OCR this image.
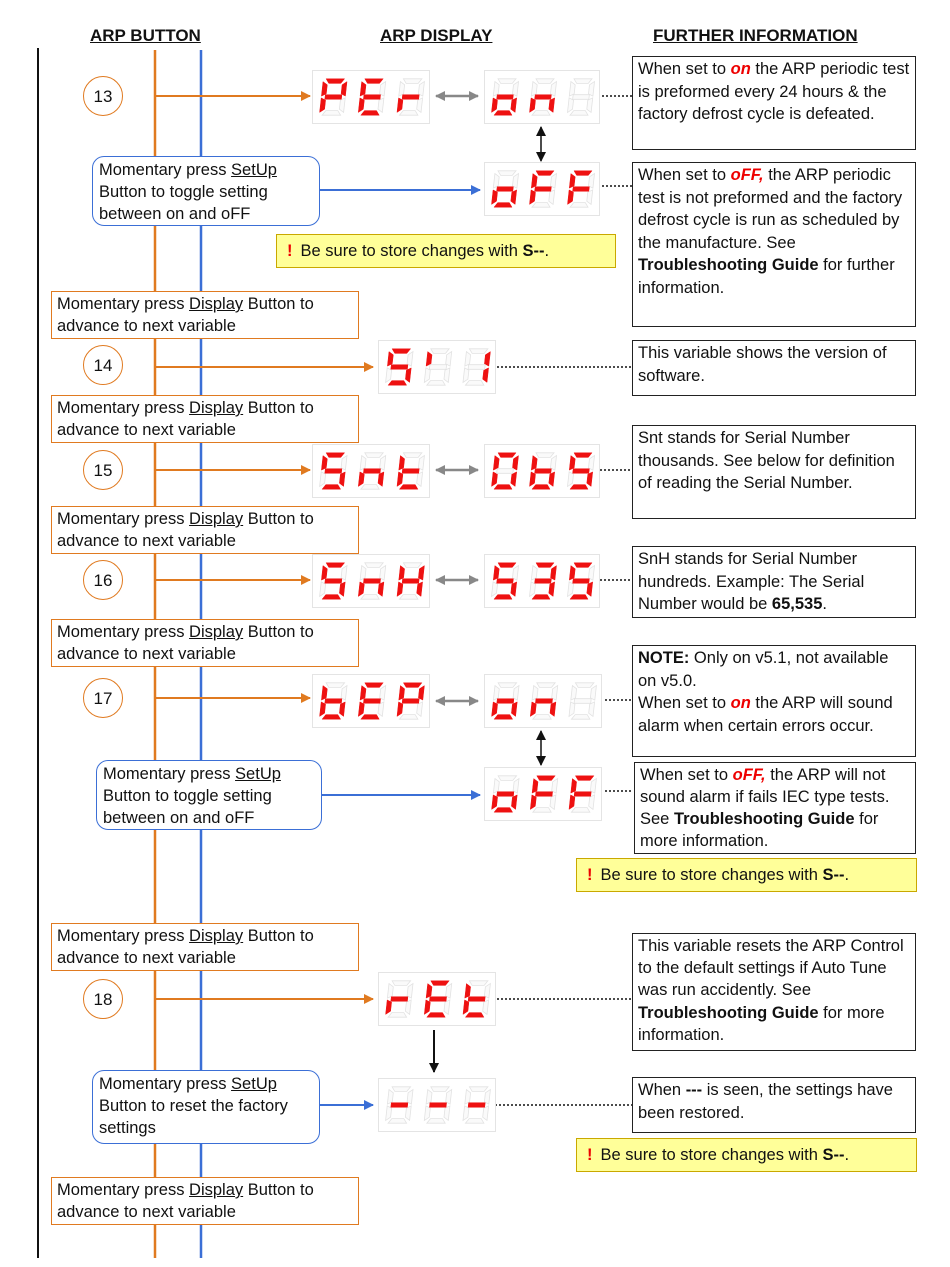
ARP BUTTON	ARP DISPLAY	FURTHER INFORMATION
13
14
15
16
17
18
When set to on the ARP periodic test is preformed every 24 hours & the factory defrost cycle is defeated.
When set to oFF, the ARP periodic test is not preformed and the factory defrost cycle is run as scheduled by the manufacture. See Troubleshooting Guide for further information.
Momentary press SetUp Button to toggle setting between on and oFF
! Be sure to store changes with S--.
Momentary press Display Button to advance to next variable
Momentary press Display Button to advance to next variable
Momentary press Display Button to advance to next variable
Momentary press Display Button to advance to next variable
Momentary press Display Button to advance to next variable
Momentary press Display Button to advance to next variable
This variable shows the version of software.
Snt stands for Serial Number thousands. See below for definition of reading the Serial Number.
SnH stands for Serial Number hundreds. Example: The Serial Number would be 65,535.
NOTE: Only on v5.1, not available on v5.0.
When set to on the ARP will sound alarm when certain errors occur.
When set to oFF, the ARP will not sound alarm if fails IEC type tests. See Troubleshooting Guide for more information.
Momentary press SetUp Button to toggle setting between on and oFF
! Be sure to store changes with S--.
This variable resets the ARP Control to the default settings if Auto Tune was run accidently. See Troubleshooting Guide for more information.
Momentary press SetUp Button to reset the factory settings
When --- is seen, the settings have been restored.
! Be sure to store changes with S--.
